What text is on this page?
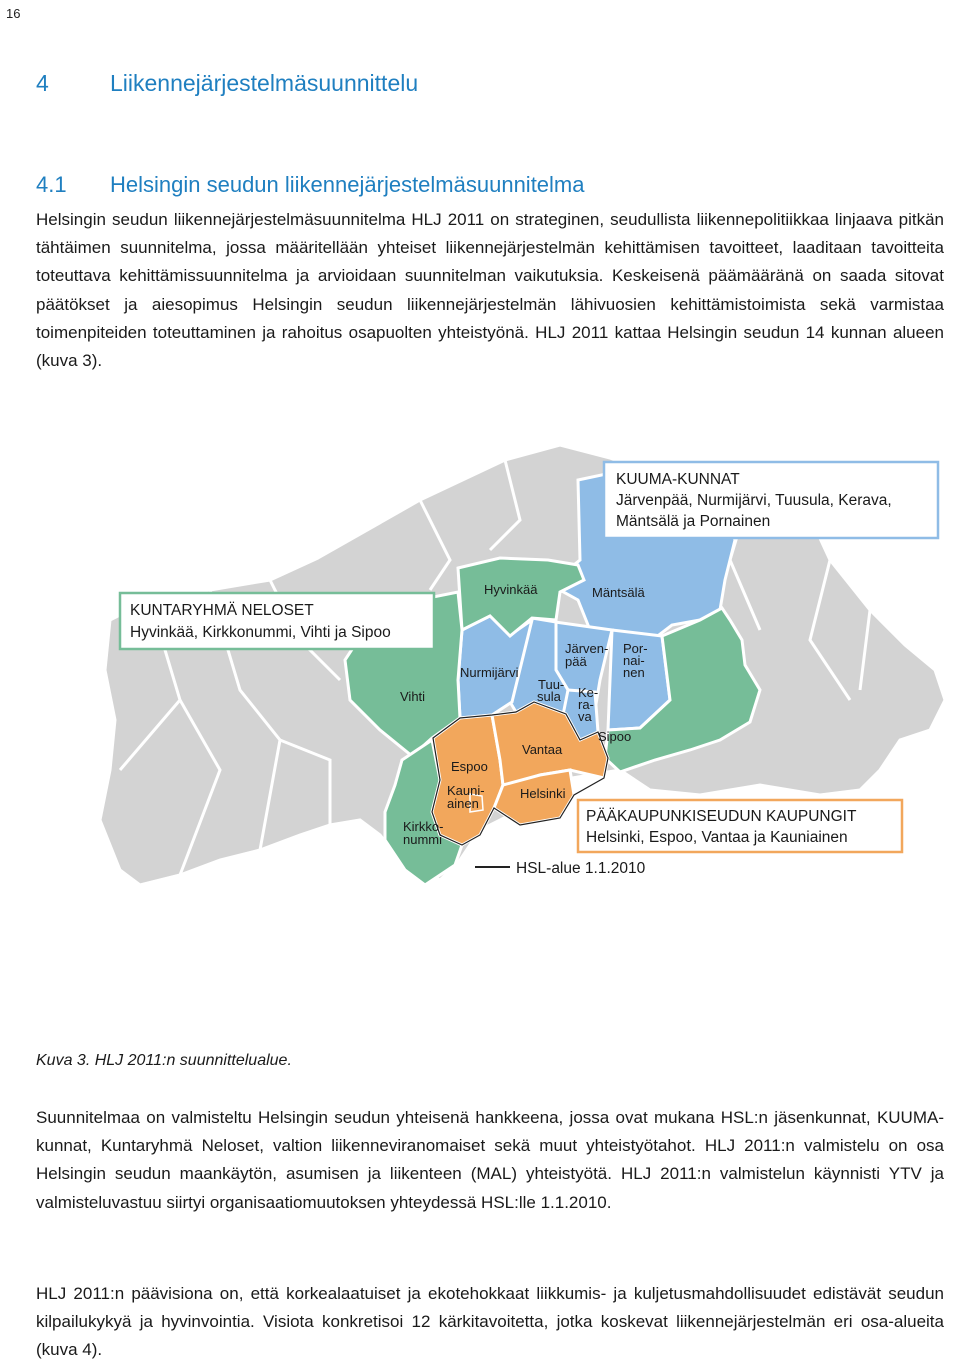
16
4	Liikennejärjestelmäsuunnittelu
4.1 Helsingin seudun liikennejärjestelmäsuunnitelma

Helsingin seudun liikennejärjestelmäsuunnitelma HLJ 2011 on strateginen, seudullista liikennepolitiikkaa linjaava pitkän tähtäimen suunnitelma, jossa määritellään yhteiset liikennejärjestelmän kehittämisen tavoitteet, laaditaan tavoitteita toteuttava kehittämissuunnitelma ja arvioidaan suunnitelman vaikutuksia. Keskeisenä päämääränä on saada sitovat päätökset ja aiesopimus Helsingin seudun liikennejärjestelmän lähivuosien kehittämistoimista sekä varmistaa toimenpiteiden toteuttaminen ja rahoitus osapuolten yhteistyönä. HLJ 2011 kattaa Helsingin seudun 14 kunnan alueen (kuva 3).

KUUMA-KUNNAT
Järvenpää, Nurmijärvi, Tuusula, Kerava,
Mäntsälä ja Pornainen
KUNTARYHMÄ NELOSET
Hyvinkää, Kirkkonummi, Vihti ja Sipoo
PÄÄKAUPUNKISEUDUN KAUPUNGIT
Helsinki, Espoo, Vantaa ja Kauniainen
HSL-alue 1.1.2010
Hyvinkää	Mäntsälä
Järven-
pää
Por-
nai-
nen
Nurmijärvi
Tuu-
sula Ke-
ra-
va
Vihti
Sipoo
Vantaa
Espoo
Kauni-
ainen
Helsinki
Kirkko-
nummi
Kuva 3. HLJ 2011:n suunnittelualue.

Suunnitelmaa on valmisteltu Helsingin seudun yhteisenä hankkeena, jossa ovat mukana HSL:n jäsenkunnat, KUUMA-kunnat, Kuntaryhmä Neloset, valtion liikenneviranomaiset sekä muut yhteistyötahot. HLJ 2011:n valmistelu on osa Helsingin seudun maankäytön, asumisen ja liikenteen (MAL) yhteistyötä. HLJ 2011:n valmistelun käynnisti YTV ja valmisteluvastuu siirtyi organisaatiomuutoksen yhteydessä HSL:lle 1.1.2010.

HLJ 2011:n päävisiona on, että korkealaatuiset ja ekotehokkaat liikkumis- ja kuljetusmahdollisuudet edistävät seudun kilpailukykyä ja hyvinvointia. Visiota konkretisoi 12 kärkitavoitetta, jotka koskevat liikennejärjestelmän eri osa-alueita (kuva 4).
